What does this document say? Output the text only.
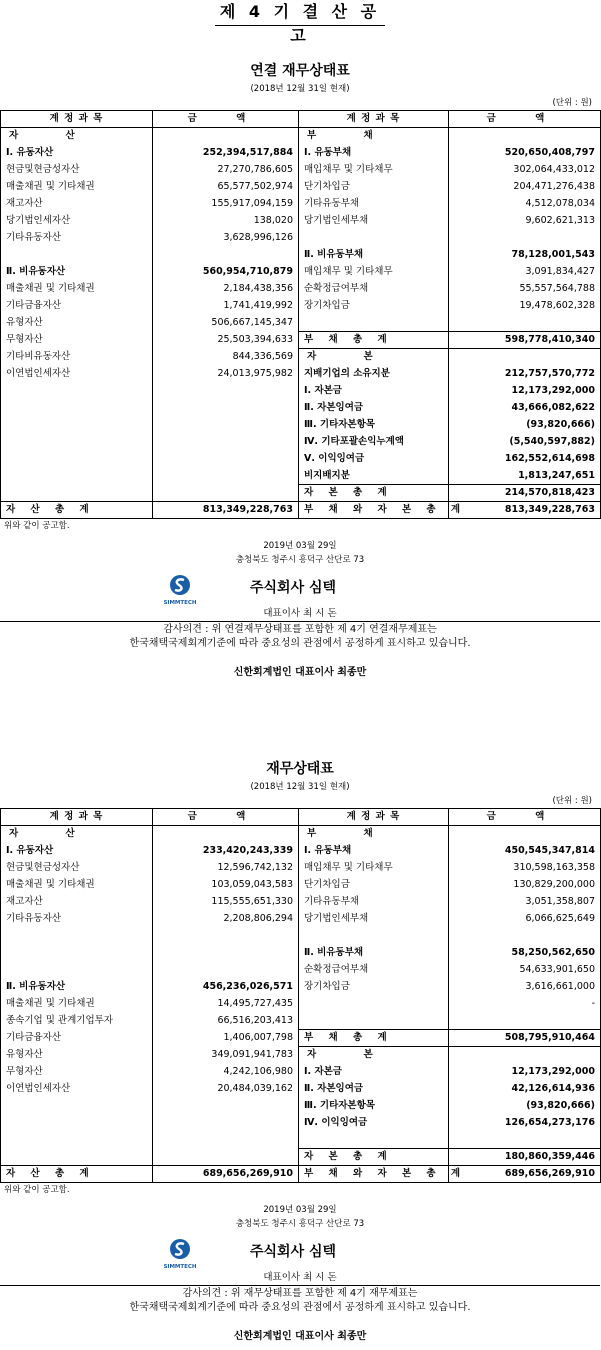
제 4 기 결 산 공 고
연결 재무상태표
(2018년 12월 31일 현재)
(단위 : 원)
계 정 과 목	금 액	계 정 과 목	금 액
자 산		부 채	
Ⅰ. 유동자산	252,394,517,884	Ⅰ. 유동부채	520,650,408,797
현금및현금성자산	27,270,786,605	매입채무 및 기타채무	302,064,433,012
매출채권 및 기타채권	65,577,502,974	단기차입금	204,471,276,438
재고자산	155,917,094,159	기타유동부채	4,512,078,034
당기법인세자산	138,020	당기법인세부채	9,602,621,313
기타유동자산	3,628,996,126		
		Ⅱ. 비유동부채	78,128,001,543
Ⅱ. 비유동자산	560,954,710,879	매입채무 및 기타채무	3,091,834,427
매출채권 및 기타채권	2,184,438,356	순확정급여부채	55,557,564,788
기타금융자산	1,741,419,992	장기차입금	19,478,602,328
유형자산	506,667,145,347		
무형자산	25,503,394,633	부 채 총 계	598,778,410,340
기타비유동자산	844,336,569	자 본	
이연법인세자산	24,013,975,982	지배기업의 소유지분	212,757,570,772
		Ⅰ. 자본금	12,173,292,000
		Ⅱ. 자본잉여금	43,666,082,622
		Ⅲ. 기타자본항목	(93,820,666)
		Ⅳ. 기타포괄손익누계액	(5,540,597,882)
		Ⅴ. 이익잉여금	162,552,614,698
		비지배지분	1,813,247,651
		자 본 총 계	214,570,818,423
자 산 총 계	813,349,228,763	부 채 와 자 본 총 계	813,349,228,763
위와 같이 공고함.
2019년 03월 29일
충청북도 청주시 흥덕구 산단로 73
SIMMTECH
주식회사 심텍
대표이사 최 시 돈
감사의견 : 위 연결재무상태표를 포함한 제 4기 연결재무제표는
한국채택국제회계기준에 따라 중요성의 관점에서 공정하게 표시하고 있습니다.
신한회계법인 대표이사 최종만
재무상태표
(2018년 12월 31일 현재)
(단위 : 원)
계 정 과 목	금 액	계 정 과 목	금 액
자 산		부 채	
Ⅰ. 유동자산	233,420,243,339	Ⅰ. 유동부채	450,545,347,814
현금및현금성자산	12,596,742,132	매입채무 및 기타채무	310,598,163,358
매출채권 및 기타채권	103,059,043,583	단기차입금	130,829,200,000
재고자산	115,555,651,330	기타유동부채	3,051,358,807
기타유동자산	2,208,806,294	당기법인세부채	6,066,625,649

		Ⅱ. 비유동부채	58,250,562,650
		순확정급여부채	54,633,901,650
Ⅱ. 비유동자산	456,236,026,571	장기차입금	3,616,661,000
매출채권 및 기타채권	14,495,727,435		-
종속기업 및 관계기업투자	66,516,203,413		
기타금융자산	1,406,007,798	부 채 총 계	508,795,910,464
유형자산	349,091,941,783	자 본	
무형자산	4,242,106,980	Ⅰ. 자본금	12,173,292,000
이연법인세자산	20,484,039,162	Ⅱ. 자본잉여금	42,126,614,936
		Ⅲ. 기타자본항목	(93,820,666)
		Ⅳ. 이익잉여금	126,654,273,176

		자 본 총 계	180,860,359,446
자 산 총 계	689,656,269,910	부 채 와 자 본 총 계	689,656,269,910
위와 같이 공고함.
2019년 03월 29일
충청북도 청주시 흥덕구 산단로 73
SIMMTECH
주식회사 심텍
대표이사 최 시 돈
감사의견 : 위 재무상태표를 포함한 제 4기 재무제표는
한국채택국제회계기준에 따라 중요성의 관점에서 공정하게 표시하고 있습니다.
신한회계법인 대표이사 최종만
